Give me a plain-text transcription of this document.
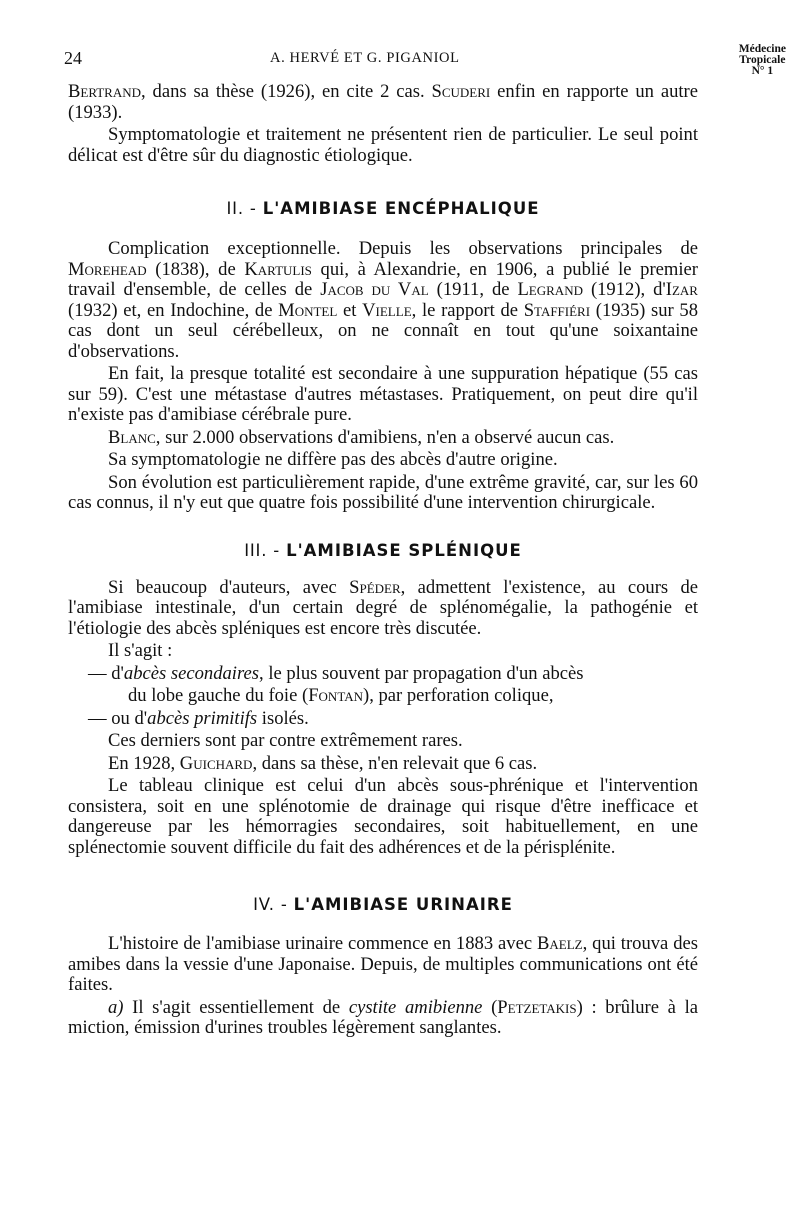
24	A. HERVÉ ET G. PIGANIOL
Médecine
Tropicale
N° 1

Bertrand, dans sa thèse (1926), en cite 2 cas. Scuderi enfin en rapporte un autre (1933).

Symptomatologie et traitement ne présentent rien de particulier. Le seul point délicat est d'être sûr du diagnostic étiologique.

II. - L'AMIBIASE ENCÉPHALIQUE

Complication exceptionnelle. Depuis les observations principales de Morehead (1838), de Kartulis qui, à Alexandrie, en 1906, a publié le premier travail d'ensemble, de celles de Jacob du Val (1911, de Legrand (1912), d'Izar (1932) et, en Indochine, de Montel et Vielle, le rapport de Staffiéri (1935) sur 58 cas dont un seul cérébelleux, on ne connaît en tout qu'une soixantaine d'observations.

En fait, la presque totalité est secondaire à une suppuration hépatique (55 cas sur 59). C'est une métastase d'autres métastases. Pratiquement, on peut dire qu'il n'existe pas d'amibiase cérébrale pure.

Blanc, sur 2.000 observations d'amibiens, n'en a observé aucun cas.

Sa symptomatologie ne diffère pas des abcès d'autre origine.

Son évolution est particulièrement rapide, d'une extrême gravité, car, sur les 60 cas connus, il n'y eut que quatre fois possibilité d'une intervention chirurgicale.

III. - L'AMIBIASE SPLÉNIQUE

Si beaucoup d'auteurs, avec Spéder, admettent l'existence, au cours de l'amibiase intestinale, d'un certain degré de splénomégalie, la pathogénie et l'étiologie des abcès spléniques est encore très discutée.

Il s'agit :

— d'abcès secondaires, le plus souvent par propagation d'un abcès

du lobe gauche du foie (Fontan), par perforation colique,

— ou d'abcès primitifs isolés.

Ces derniers sont par contre extrêmement rares.

En 1928, Guichard, dans sa thèse, n'en relevait que 6 cas.

Le tableau clinique est celui d'un abcès sous-phrénique et l'intervention consistera, soit en une splénotomie de drainage qui risque d'être inefficace et dangereuse par les hémorragies secondaires, soit habituellement, en une splénectomie souvent difficile du fait des adhérences et de la périsplénite.

IV. - L'AMIBIASE URINAIRE

L'histoire de l'amibiase urinaire commence en 1883 avec Baelz, qui trouva des amibes dans la vessie d'une Japonaise. Depuis, de multiples communications ont été faites.

a) Il s'agit essentiellement de cystite amibienne (Petzetakis) : brûlure à la miction, émission d'urines troubles légèrement sanglantes.
